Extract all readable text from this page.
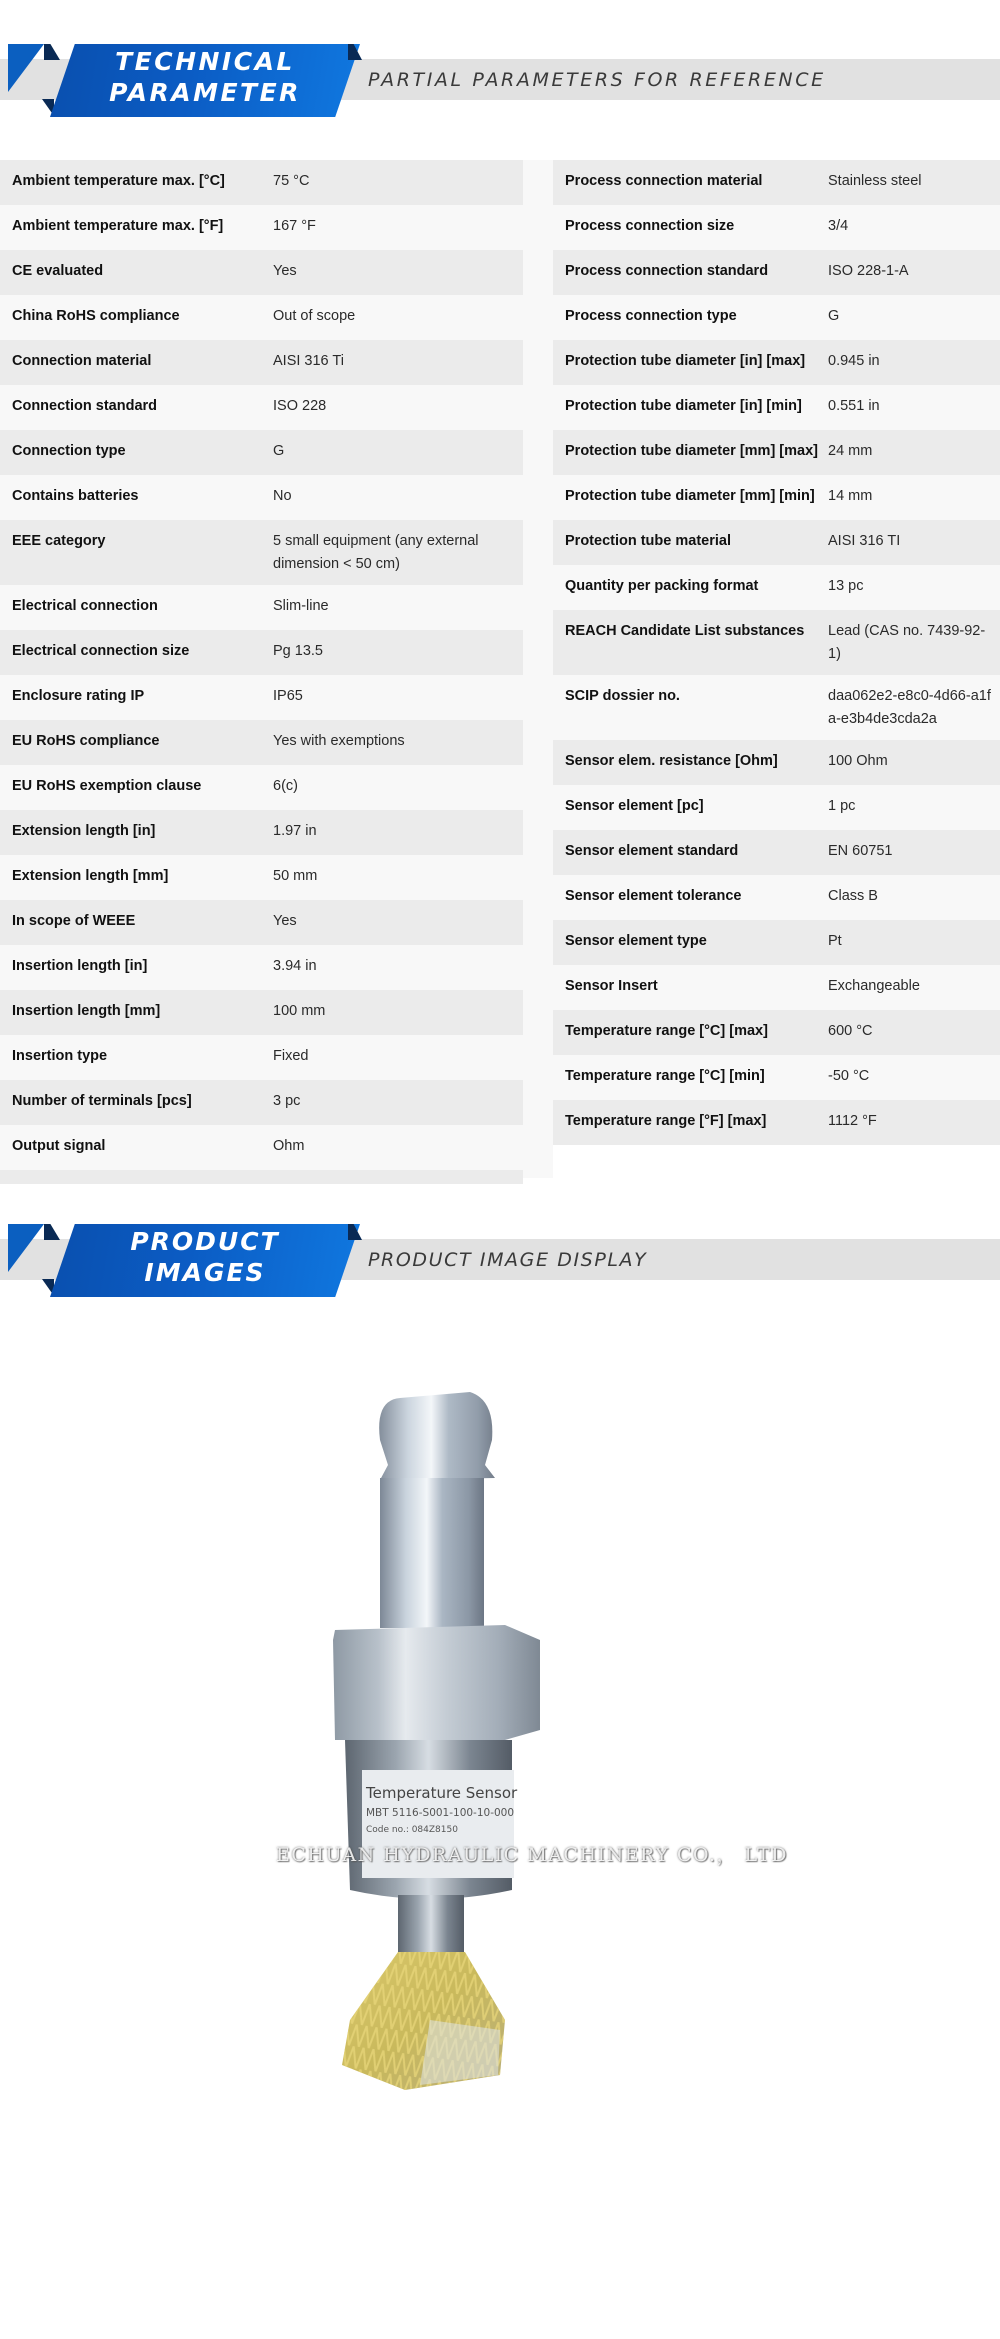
TECHNICAL
PARAMETER	PARTIAL PARAMETERS FOR REFERENCE
Ambient temperature max. [°C]	75 °C
Ambient temperature max. [°F]	167 °F
CE evaluated	Yes
China RoHS compliance	Out of scope
Connection material	AISI 316 Ti
Connection standard	ISO 228
Connection type	G
Contains batteries	No
EEE category	5 small equipment (any external dimension < 50 cm)
Electrical connection	Slim-line
Electrical connection size	Pg 13.5
Enclosure rating IP	IP65
EU RoHS compliance	Yes with exemptions
EU RoHS exemption clause	6(c)
Extension length [in]	1.97 in
Extension length [mm]	50 mm
In scope of WEEE	Yes
Insertion length [in]	3.94 in
Insertion length [mm]	100 mm
Insertion type	Fixed
Number of terminals [pcs]	3 pc
Output signal	Ohm
Process connection material	Stainless steel
Process connection size	3/4
Process connection standard	ISO 228-1-A
Process connection type	G
Protection tube diameter [in] [max]	0.945 in
Protection tube diameter [in] [min]	0.551 in
Protection tube diameter [mm] [max] 24 mm
Protection tube diameter [mm] [min] 14 mm
Protection tube material	AISI 316 TI
Quantity per packing format	13 pc
REACH Candidate List substances	Lead (CAS no. 7439-92-1)
SCIP dossier no.	daa062e2-e8c0-4d66-a1fa-e3b4de3cda2a
Sensor elem. resistance [Ohm]	100 Ohm
Sensor element [pc]	1 pc
Sensor element standard	EN 60751
Sensor element tolerance	Class B
Sensor element type	Pt
Sensor Insert	Exchangeable
Temperature range [°C] [max]	600 °C
Temperature range [°C] [min]	-50 °C
Temperature range [°F] [max]	1112 °F
PRODUCT
IMAGES	PRODUCT IMAGE DISPLAY
Temperature Sensor
MBT 5116-S001-100-10-000
Code no.: 084Z8150
ECHUAN HYDRAULIC MACHINERY CO.， LTD
